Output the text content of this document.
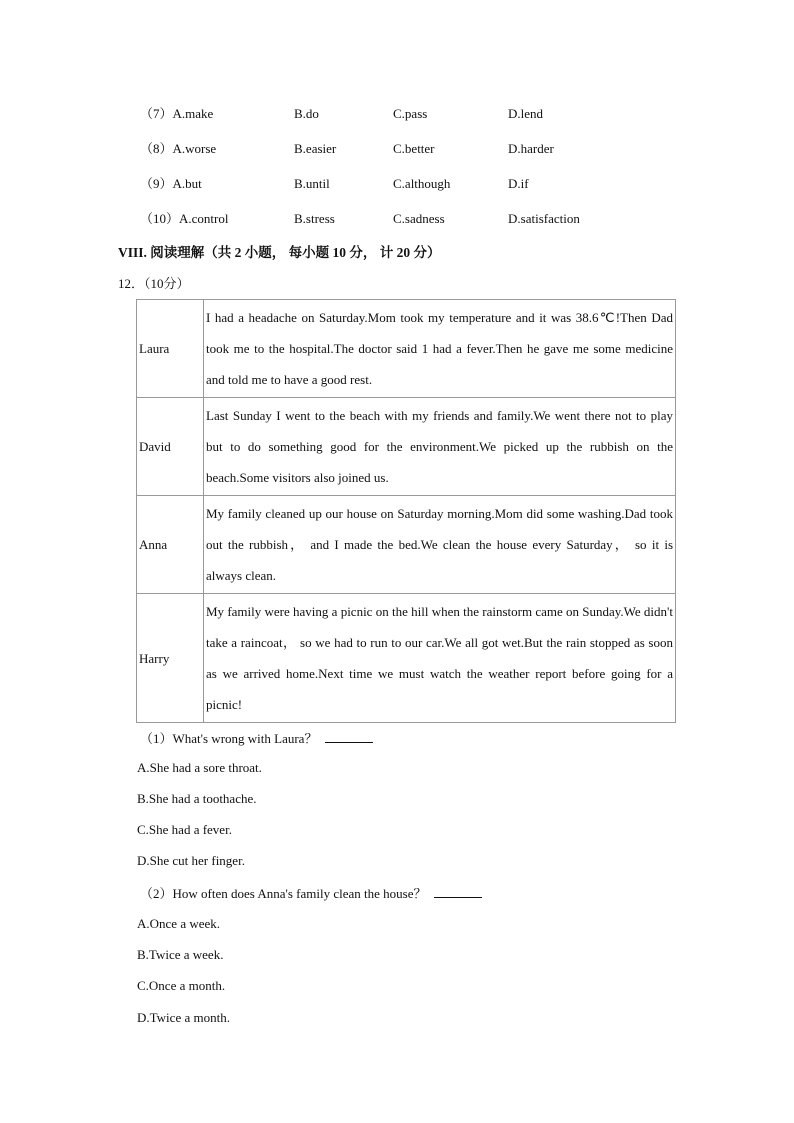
（7）A.make	B.do	C.pass	D.lend
（8）A.worse	B.easier	C.better	D.harder
（9）A.but	B.until	C.although	D.if
（10）A.control	B.stress	C.sadness	D.satisfaction
VIII. 阅读理解（共 2 小题， 每小题 10 分， 计 20 分）
12．（10分）
Laura	I had a headache on Saturday.Mom took my temperature and it was 38.6℃!Then Dad took me to the hospital.The doctor said 1 had a fever.Then he gave me some medicine and told me to have a good rest.
David	Last Sunday I went to the beach with my friends and family.We went there not to play but to do something good for the environment.We picked up the rubbish on the beach.Some visitors also joined us.
Anna	My family cleaned up our house on Saturday morning.Mom did some washing.Dad took out the rubbish， and I made the bed.We clean the house every Saturday， so it is always clean.
Harry	My family were having a picnic on the hill when the rainstorm came on Sunday.We didn't take a raincoat， so we had to run to our car.We all got wet.But the rain stopped as soon as we arrived home.Next time we must watch the weather report before going for a picnic!
（1）What's wrong with Laura？
A.She had a sore throat.
B.She had a toothache.
C.She had a fever.
D.She cut her finger.
（2）How often does Anna's family clean the house？
A.Once a week.
B.Twice a week.
C.Once a month.
D.Twice a month.
